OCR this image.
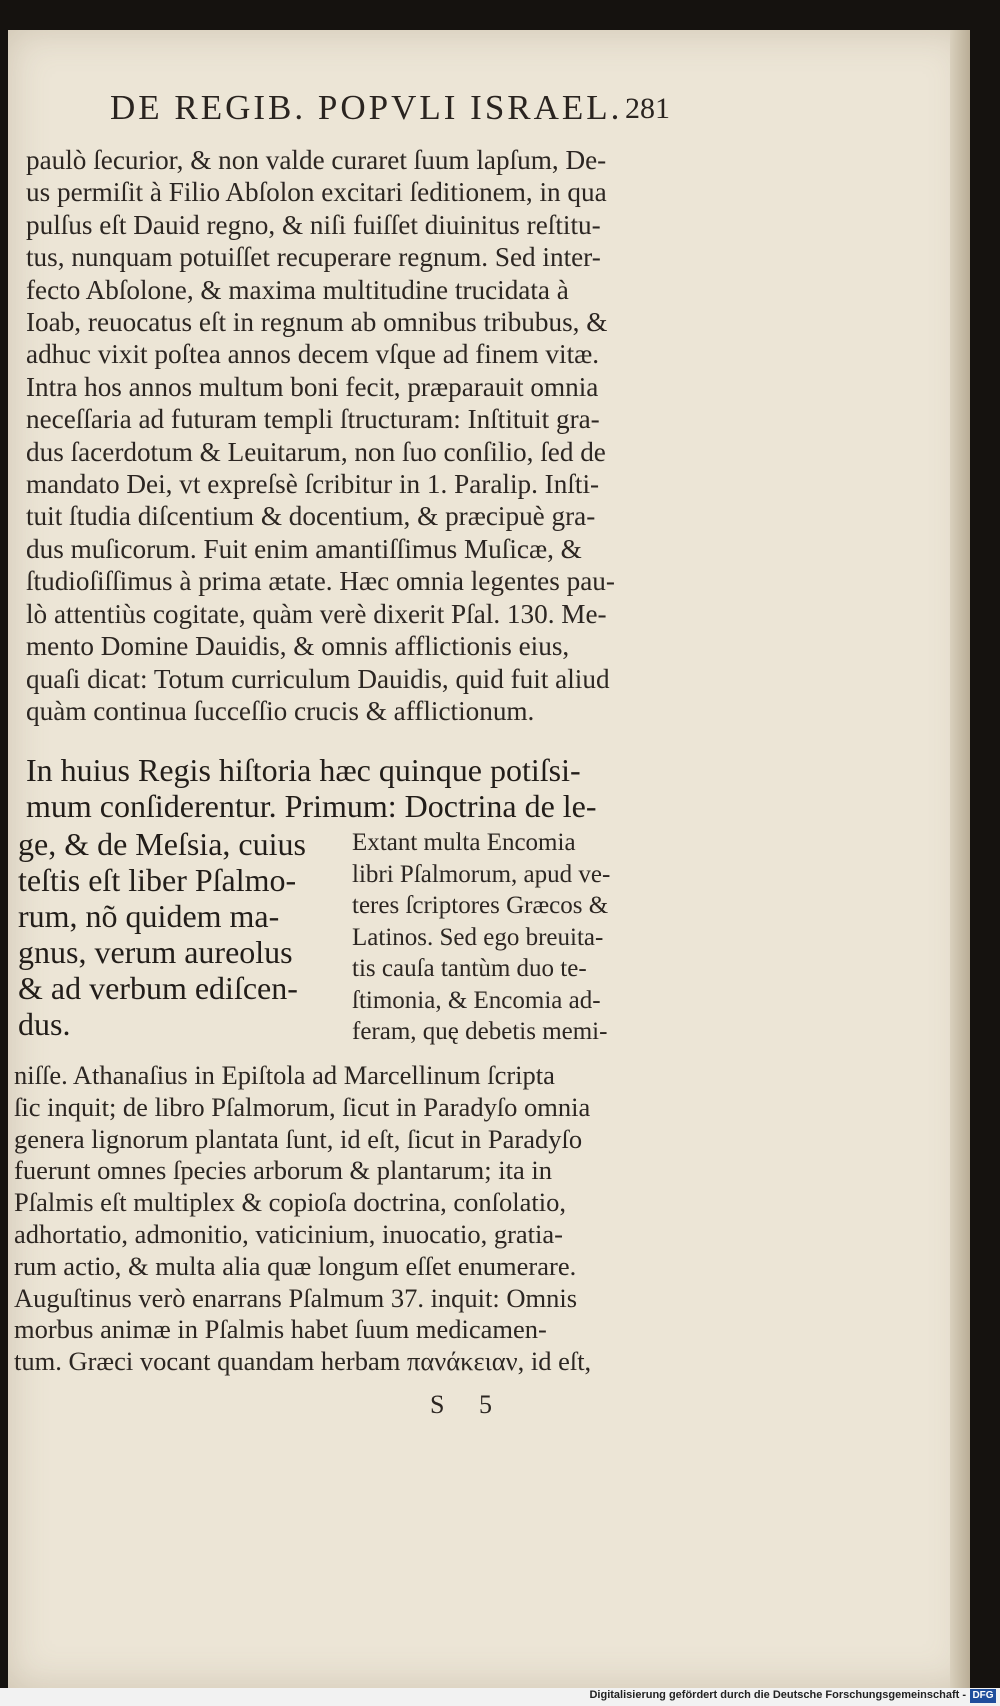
DE REGIB. POPVLI ISRAEL. 281
paulò ſecurior, & non valde curaret ſuum lapſum, De-
us permiſit à Filio Abſolon excitari ſeditionem, in qua
pulſus eſt Dauid regno, & niſi fuiſſet diuinitus reſtitu-
tus, nunquam potuiſſet recuperare regnum. Sed inter-
fecto Abſolone, & maxima multitudine trucidata à
Ioab, reuocatus eſt in regnum ab omnibus tribubus, &
adhuc vixit poſtea annos decem vſque ad finem vitæ.
Intra hos annos multum boni fecit, præparauit omnia
neceſſaria ad futuram templi ſtructuram: Inſtituit gra-
dus ſacerdotum & Leuitarum, non ſuo conſilio, ſed de
mandato Dei, vt expreſsè ſcribitur in 1. Paralip. Inſti-
tuit ſtudia diſcentium & docentium, & præcipuè gra-
dus muſicorum. Fuit enim amantiſſimus Muſicæ, &
ſtudioſiſſimus à prima ætate. Hæc omnia legentes pau-
lò attentiùs cogitate, quàm verè dixerit Pſal. 130. Me-
mento Domine Dauidis, & omnis afflictionis eius,
quaſi dicat: Totum curriculum Dauidis, quid fuit aliud
quàm continua ſucceſſio crucis & afflictionum.
In huius Regis hiſtoria hæc quinque potiſsi-
mum conſiderentur. Primum: Doctrina de le-
ge, & de Meſsia, cuius
teſtis eſt liber Pſalmo-
rum, nõ quidem ma-
gnus, verum aureolus
& ad verbum ediſcen-
dus.
Extant multa Encomia
libri Pſalmorum, apud ve-
teres ſcriptores Græcos &
Latinos. Sed ego breuita-
tis cauſa tantùm duo te-
ſtimonia, & Encomia ad-
feram, quę debetis memi-
niſſe. Athanaſius in Epiſtola ad Marcellinum ſcripta
ſic inquit; de libro Pſalmorum, ſicut in Paradyſo omnia
genera lignorum plantata ſunt, id eſt, ſicut in Paradyſo
fuerunt omnes ſpecies arborum & plantarum; ita in
Pſalmis eſt multiplex & copioſa doctrina, conſolatio,
adhortatio, admonitio, vaticinium, inuocatio, gratia-
rum actio, & multa alia quæ longum eſſet enumerare.
Auguſtinus verò enarrans Pſalmum 37. inquit: Omnis
morbus animæ in Pſalmis habet ſuum medicamen-
tum. Græci vocant quandam herbam πανάκειαν, id eſt,
S 5
Digitalisierung gefördert durch die Deutsche Forschungsgemeinschaft - DFG
